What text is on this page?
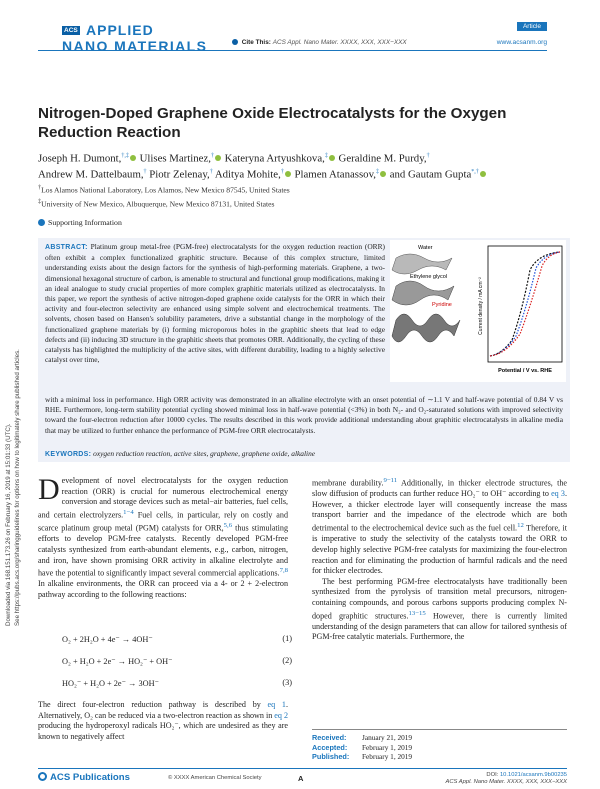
Downloaded via 168.151.173.26 on February 16, 2019 at 15:01:33 (UTC). See https://pubs.acs.org/sharingguidelines for options on how to legitimately share published articles.
ACS APPLIED
NANO MATERIALS	Cite This: ACS Appl. Nano Mater. XXXX, XXX, XXX−XXX
Article
www.acsanm.org
Nitrogen-Doped Graphene Oxide Electrocatalysts for the Oxygen Reduction Reaction
Joseph H. Dumont,†,‡ Ulises Martinez,† Kateryna Artyushkova,‡ Geraldine M. Purdy,†
Andrew M. Dattelbaum,† Piotr Zelenay,† Aditya Mohite,† Plamen Atanassov,‡ and Gautam Gupta*,†
†Los Alamos National Laboratory, Los Alamos, New Mexico 87545, United States
‡University of New Mexico, Albuquerque, New Mexico 87131, United States
Supporting Information
ABSTRACT: Platinum group metal-free (PGM-free) electrocatalysts for the oxygen reduction reaction (ORR) often exhibit a complex functionalized graphitic structure. Because of this complex structure, limited understanding exists about the design factors for the synthesis of high-performing materials. Graphene, a two-dimensional hexagonal structure of carbon, is amenable to structural and functional group modifications, making it an ideal analogue to study crucial properties of more complex graphitic materials utilized as electrocatalysts. In this paper, we report the synthesis of active nitrogen-doped graphene oxide catalysts for the ORR in which their activity and four-electron selectivity are enhanced using simple solvent and electrochemical treatments. The solvents, chosen based on Hansen's solubility parameters, drive a substantial change in the morphology of the functionalized graphene materials by (i) forming microporous holes in the graphitic sheets that lead to edge defects and (ii) inducing 3D structure in the graphitic sheets that promotes ORR. Additionally, the cycling of these catalysts has highlighted the multiplicity of the active sites, with different durability, leading to a highly selective catalyst over time,
with a minimal loss in performance. High ORR activity was demonstrated in an alkaline electrolyte with an onset potential of ∼1.1 V and half-wave potential of 0.84 V vs RHE. Furthermore, long-term stability potential cycling showed minimal loss in half-wave potential (<3%) in both N₂- and O₂-saturated solutions with improved selectivity toward the four-electron reduction after 10000 cycles. The results described in this work provide additional understanding about graphitic electrocatalysts in alkaline media that may be utilized to further enhance the performance of PGM-free ORR electrocatalysts.
KEYWORDS: oxygen reduction reaction, active sites, graphene, graphene oxide, alkaline
Water
Ethylene glycol
Pyridine	Current density / mA cm⁻²
Potential / V vs. RHE
Development of novel electrocatalysts for the oxygen reduction reaction (ORR) is crucial for numerous electrochemical energy conversion and storage devices such as metal−air batteries, fuel cells, and certain electrolyzers.$^{1-4}$ Fuel cells, in particular, rely on costly and scarce platinum group metal (PGM) catalysts for ORR,$^{5,6}$ thus stimulating efforts to develop PGM-free catalysts. Recently developed PGM-free catalysts synthesized from earth-abundant elements, e.g., carbon, nitrogen, and iron, have shown promising ORR activity in alkaline electrolyte and have the potential to significantly impact several commercial applications.$^{7,8}$ In alkaline environments, the ORR can proceed via a 4- or 2 + 2-electron pathway according to the following reactions:
O₂ + 2H₂O + 4e⁻ → 4OH⁻	(1)
O₂ + H₂O + 2e⁻ → HO₂⁻ + OH⁻	(2)
HO₂⁻ + H₂O + 2e⁻ → 3OH⁻	(3)
The direct four-electron reduction pathway is described by eq 1. Alternatively, O₂ can be reduced via a two-electron reaction as shown in eq 2 producing the hydroperoxyl radicals HO₂⁻, which are undesired as they are known to negatively affect
membrane durability.$^{9-11}$ Additionally, in thicker electrode structures, the slow diffusion of products can further reduce HO₂⁻ to OH⁻ according to eq 3. However, a thicker electrode layer will consequently increase the mass transport barrier and the impedance of the electrode which are both detrimental to the electrochemical device such as the fuel cell.$^{12}$ Therefore, it is imperative to study the selectivity of the catalysts toward the ORR to develop highly selective PGM-free catalysts for maximizing the four-electron reaction and for eliminating the production of harmful radicals and the need for thicker electrodes.
The best performing PGM-free electrocatalysts have traditionally been synthesized from the pyrolysis of transition metal precursors, nitrogen-containing compounds, and porous carbons supports producing complex N-doped graphitic structures.$^{13-15}$ However, there is currently limited understanding of the design parameters that can allow for tailored synthesis of PGM-free catalytic materials. Furthermore, the
Received: January 21, 2019
Accepted: February 1, 2019
Published: February 1, 2019
ACS Publications	© XXXX American Chemical Society	A	DOI: 10.1021/acsanm.9b00235
ACS Appl. Nano Mater. XXXX, XXX, XXX−XXX
